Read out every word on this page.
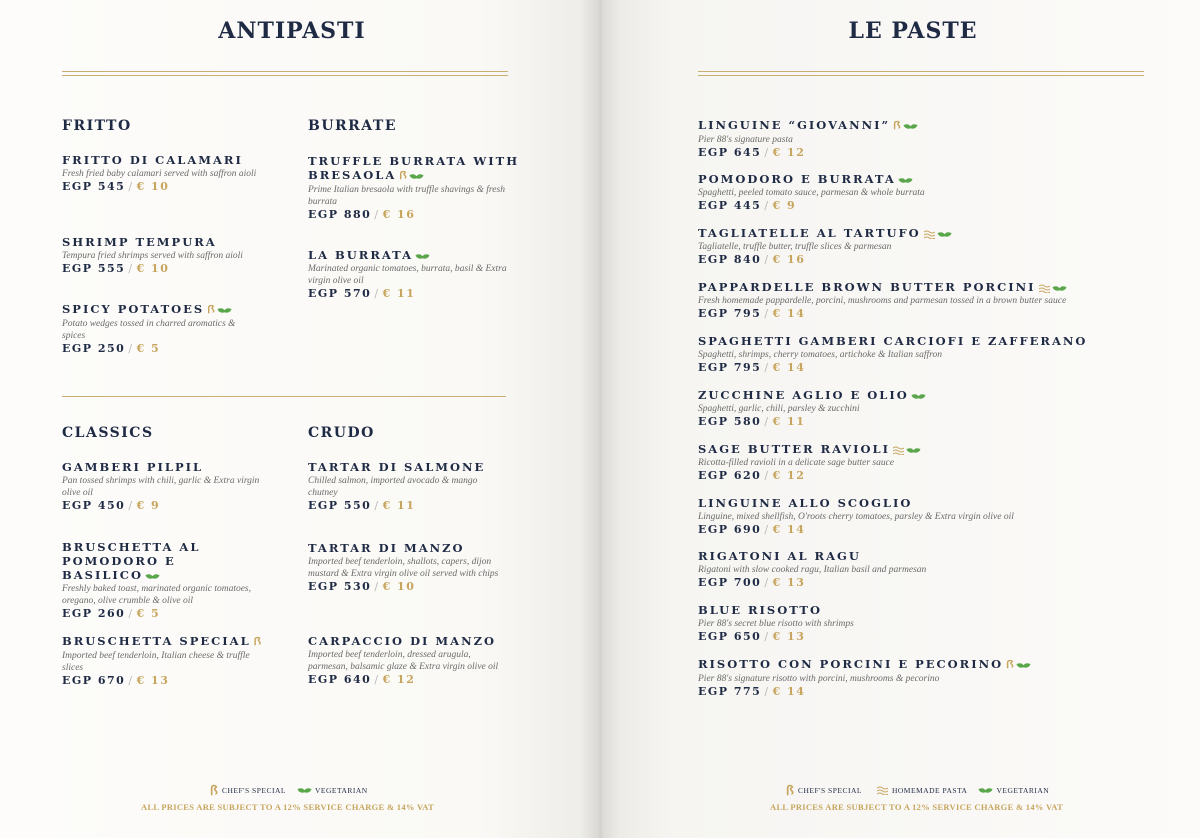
ANTIPASTI
FRITTO
FRITTO DI CALAMARI
Fresh fried baby calamari served with saffron aioli
EGP 545 / € 10
SHRIMP TEMPURA
Tempura fried shrimps served with saffron aioli
EGP 555 / € 10
SPICY POTATOES Ꟗ
Potato wedges tossed in charred aromatics & spices
EGP 250 / € 5
BURRATE
TRUFFLE BURRATA WITH BRESAOLA Ꟗ
Prime Italian bresaola with truffle shavings & fresh burrata
EGP 880 / € 16
LA BURRATA
Marinated organic tomatoes, burrata, basil & Extra virgin olive oil
EGP 570 / € 11
CLASSICS
GAMBERI PILPIL
Pan tossed shrimps with chili, garlic & Extra virgin olive oil
EGP 450 / € 9
BRUSCHETTA AL POMODORO E BASILICO
Freshly baked toast, marinated organic tomatoes, oregano, olive crumble & olive oil
EGP 260 / € 5
BRUSCHETTA SPECIAL Ꟗ
Imported beef tenderloin, Italian cheese & truffle slices
EGP 670 / € 13
CRUDO
TARTAR DI SALMONE
Chilled salmon, imported avocado & mango chutney
EGP 550 / € 11
TARTAR DI MANZO
Imported beef tenderloin, shallots, capers, dijon mustard & Extra virgin olive oil served with chips
EGP 530 / € 10
CARPACCIO DI MANZO
Imported beef tenderloin, dressed arugula, parmesan, balsamic glaze & Extra virgin olive oil
EGP 640 / € 12
ꟗ CHEF'S SPECIAL	VEGETARIAN
ALL PRICES ARE SUBJECT TO A 12% SERVICE CHARGE & 14% VAT
LE PASTE
LINGUINE “GIOVANNI” Ꟗ
Pier 88's signature pasta
EGP 645 / € 12
POMODORO E BURRATA
Spaghetti, peeled tomato sauce, parmesan & whole burrata
EGP 445 / € 9
TAGLIATELLE AL TARTUFO
Tagliatelle, truffle butter, truffle slices & parmesan
EGP 840 / € 16
PAPPARDELLE BROWN BUTTER PORCINI
Fresh homemade pappardelle, porcini, mushrooms and parmesan tossed in a brown butter sauce
EGP 795 / € 14
SPAGHETTI GAMBERI CARCIOFI E ZAFFERANO
Spaghetti, shrimps, cherry tomatoes, artichoke & Italian saffron
EGP 795 / € 14
ZUCCHINE AGLIO E OLIO
Spaghetti, garlic, chili, parsley & zucchini
EGP 580 / € 11
SAGE BUTTER RAVIOLI
Ricotta-filled ravioli in a delicate sage butter sauce
EGP 620 / € 12
LINGUINE ALLO SCOGLIO
Linguine, mixed shellfish, O'roots cherry tomatoes, parsley & Extra virgin olive oil
EGP 690 / € 14
RIGATONI AL RAGU
Rigatoni with slow cooked ragu, Italian basil and parmesan
EGP 700 / € 13
BLUE RISOTTO
Pier 88's secret blue risotto with shrimps
EGP 650 / € 13
RISOTTO CON PORCINI E PECORINO Ꟗ
Pier 88's signature risotto with porcini, mushrooms & pecorino
EGP 775 / € 14
ꟗ CHEF'S SPECIAL	HOMEMADE PASTA	VEGETARIAN
ALL PRICES ARE SUBJECT TO A 12% SERVICE CHARGE & 14% VAT
